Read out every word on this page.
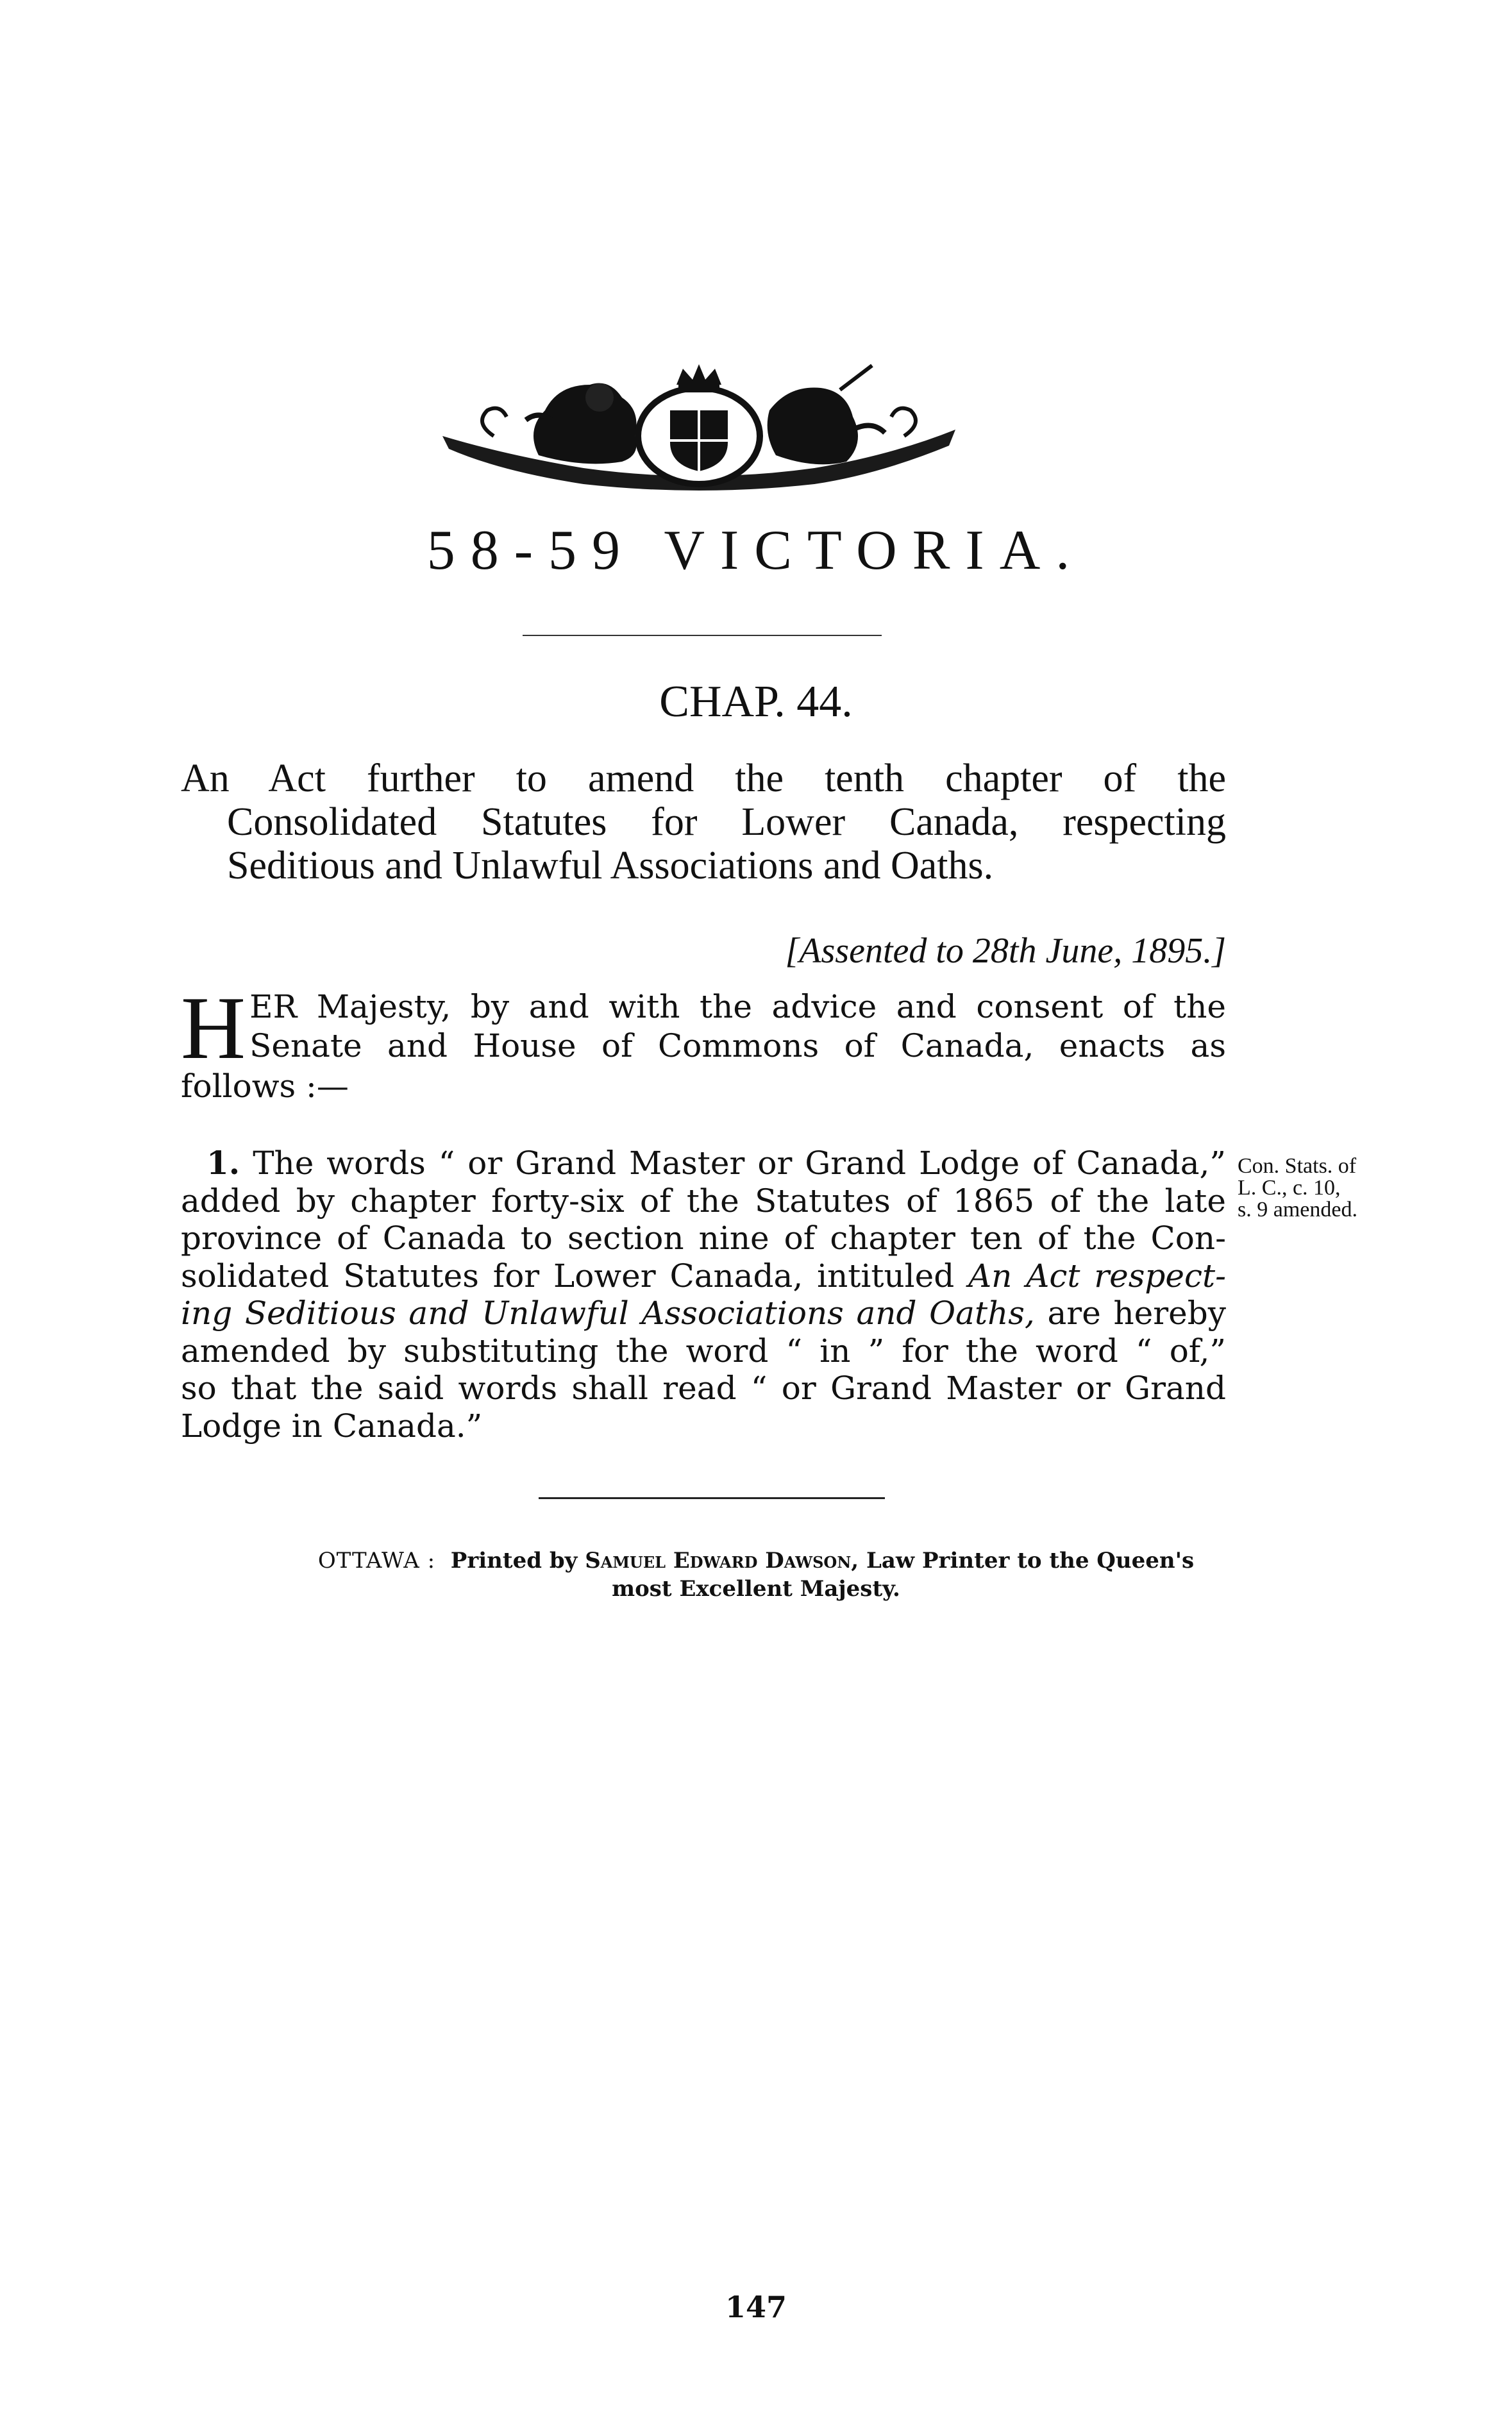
58-59 VICTORIA.
CHAP. 44.
An Act further to amend the tenth chapter of the
Consolidated Statutes for Lower Canada, respecting
Seditious and Unlawful Associations and Oaths.
[Assented to 28th June, 1895.]
H ER Majesty, by and with the advice and consent of the
Senate and House of Commons of Canada, enacts as
follows :—
1. The words “ or Grand Master or Grand Lodge of Canada,”
added by chapter forty-six of the Statutes of 1865 of the late
province of Canada to section nine of chapter ten of the Con-
solidated Statutes for Lower Canada, intituled An Act respect-
ing Seditious and Unlawful Associations and Oaths, are hereby
amended by substituting the word “ in ” for the word “ of,”
so that the said words shall read “ or Grand Master or Grand
Lodge in Canada.”
Con. Stats. of
L. C., c. 10,
s. 9 amended.
OTTAWA : Printed by Samuel Edward Dawson, Law Printer to the Queen's
most Excellent Majesty.
147
